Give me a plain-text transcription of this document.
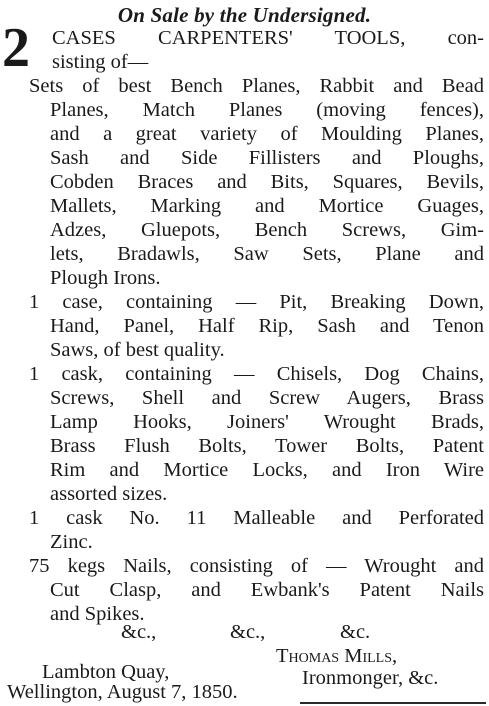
On Sale by the Undersigned.
2 CASES CARPENTERS' TOOLS, con-
sisting of—
Sets of best Bench Planes, Rabbit and Bead
Planes, Match Planes (moving fences),
and a great variety of Moulding Planes,
Sash and Side Fillisters and Ploughs,
Cobden Braces and Bits, Squares, Bevils,
Mallets, Marking and Mortice Guages,
Adzes, Gluepots, Bench Screws, Gim-
lets, Bradawls, Saw Sets, Plane and
Plough Irons.
1 case, containing — Pit, Breaking Down,
Hand, Panel, Half Rip, Sash and Tenon
Saws, of best quality.
1 cask, containing — Chisels, Dog Chains,
Screws, Shell and Screw Augers, Brass
Lamp Hooks, Joiners' Wrought Brads,
Brass Flush Bolts, Tower Bolts, Patent
Rim and Mortice Locks, and Iron Wire
assorted sizes.
1 cask No. 11 Malleable and Perforated
Zinc.
75 kegs Nails, consisting of — Wrought and
Cut Clasp, and Ewbank's Patent Nails
and Spikes.
&c.,	&c.,	&c.
Thomas Mills,
Ironmonger, &c.
Lambton Quay,
Wellington, August 7, 1850.
